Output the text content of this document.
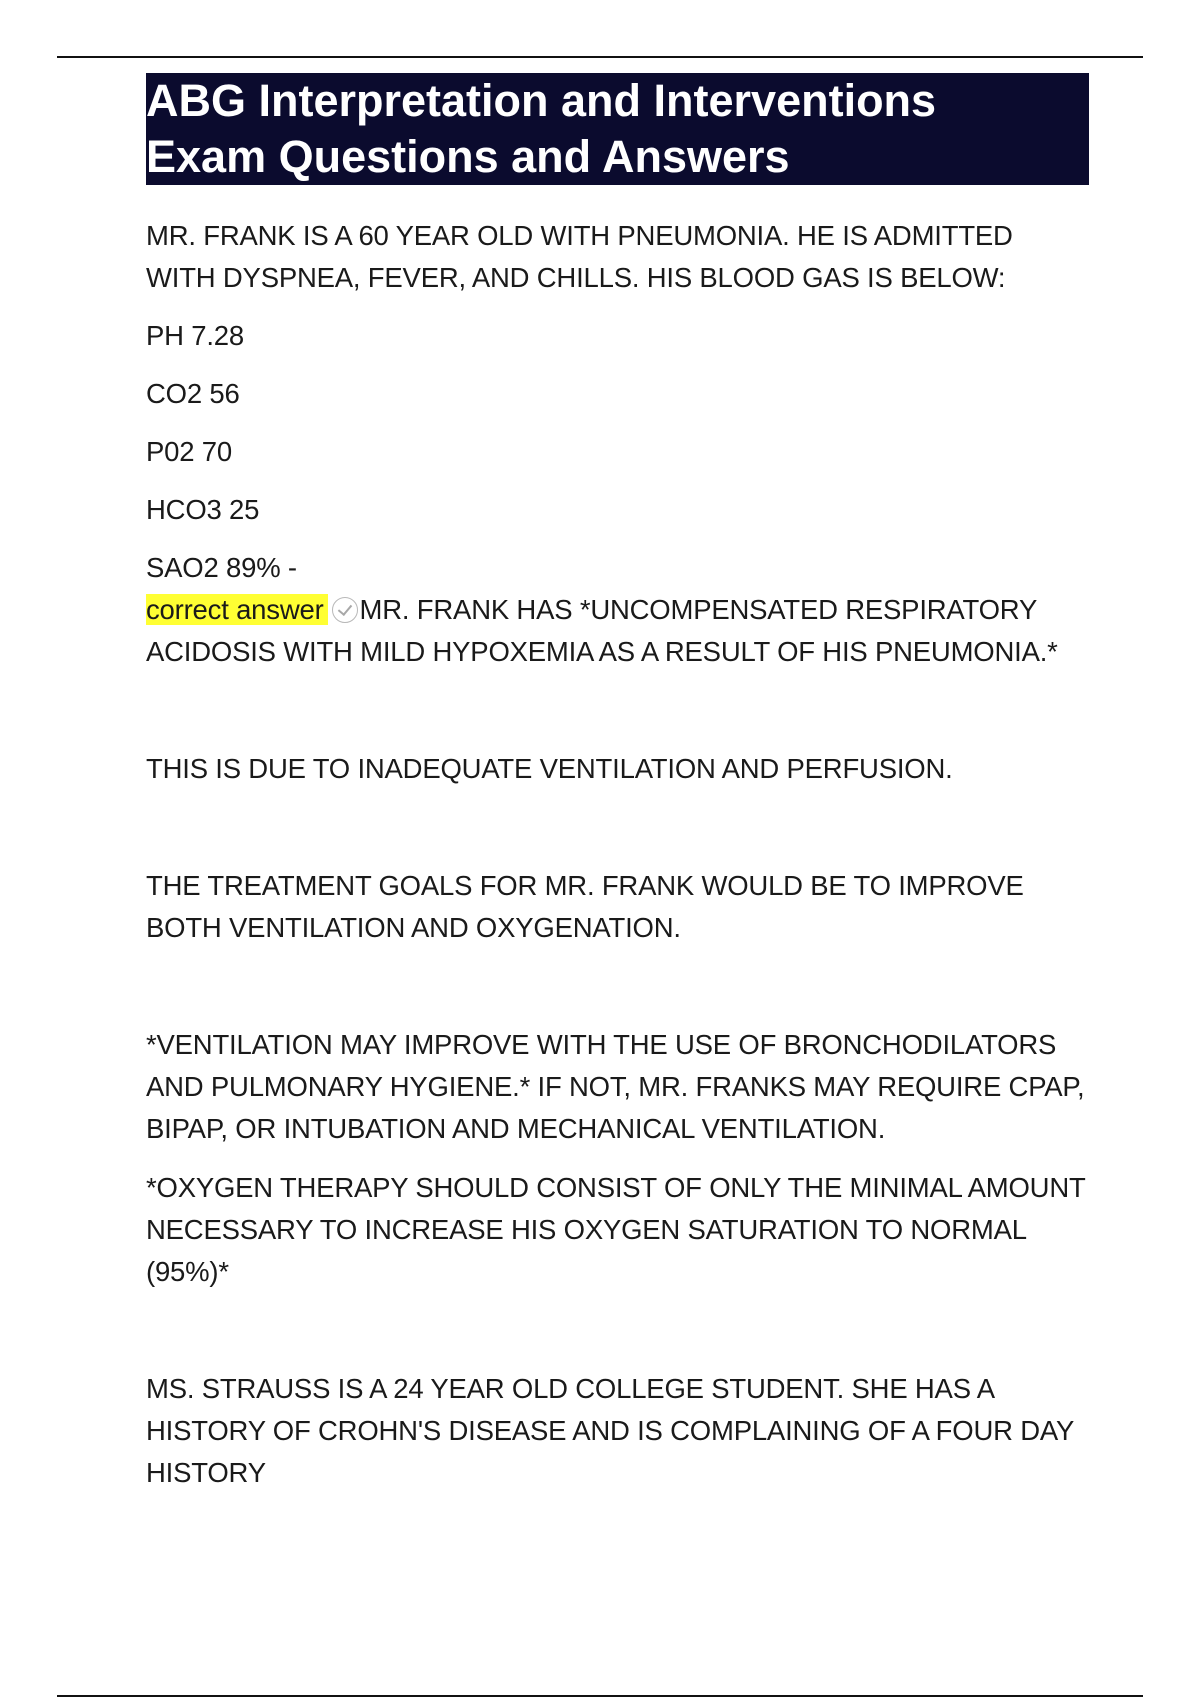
ABG Interpretation and Interventions
Exam Questions and Answers

MR. FRANK IS A 60 YEAR OLD WITH PNEUMONIA. HE IS ADMITTED WITH DYSPNEA, FEVER, AND CHILLS. HIS BLOOD GAS IS BELOW:

PH 7.28

CO2 56

P02 70

HCO3 25

SAO2 89% -

correct answer MR. FRANK HAS *UNCOMPENSATED RESPIRATORY ACIDOSIS WITH MILD HYPOXEMIA AS A RESULT OF HIS PNEUMONIA.*

THIS IS DUE TO INADEQUATE VENTILATION AND PERFUSION.

THE TREATMENT GOALS FOR MR. FRANK WOULD BE TO IMPROVE BOTH VENTILATION AND OXYGENATION.

*VENTILATION MAY IMPROVE WITH THE USE OF BRONCHODILATORS AND PULMONARY HYGIENE.* IF NOT, MR. FRANKS MAY REQUIRE CPAP, BIPAP, OR INTUBATION AND MECHANICAL VENTILATION.

*OXYGEN THERAPY SHOULD CONSIST OF ONLY THE MINIMAL AMOUNT NECESSARY TO INCREASE HIS OXYGEN SATURATION TO NORMAL (95%)*

MS. STRAUSS IS A 24 YEAR OLD COLLEGE STUDENT. SHE HAS A HISTORY OF CROHN'S DISEASE AND IS COMPLAINING OF A FOUR DAY HISTORY
